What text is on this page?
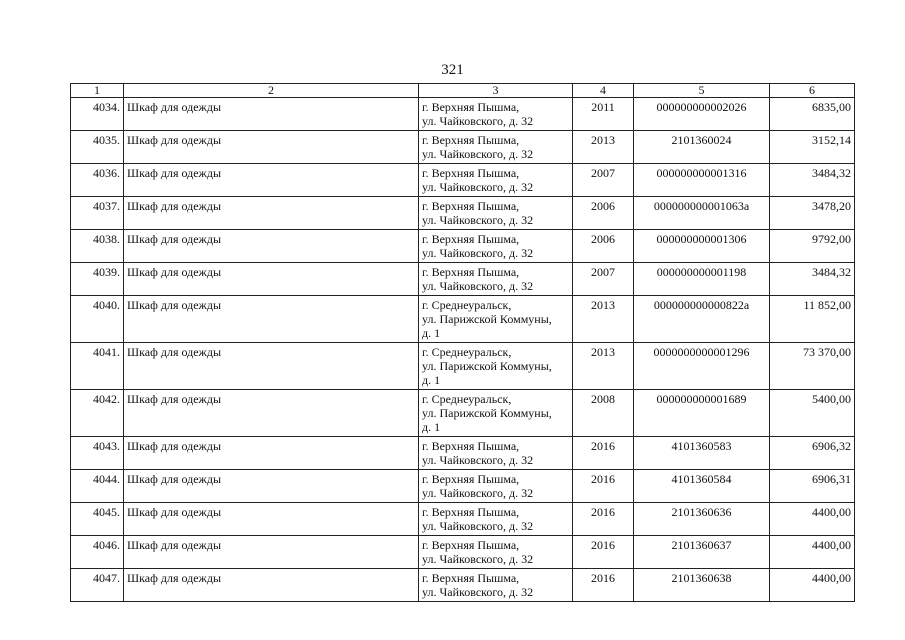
321
1	2	3	4	5	6
4034.	Шкаф для одежды	г. Верхняя Пышма,
ул. Чайковского, д. 32	2011	000000000002026	6835,00
4035.	Шкаф для одежды	г. Верхняя Пышма,
ул. Чайковского, д. 32	2013	2101360024	3152,14
4036.	Шкаф для одежды	г. Верхняя Пышма,
ул. Чайковского, д. 32	2007	000000000001316	3484,32
4037.	Шкаф для одежды	г. Верхняя Пышма,
ул. Чайковского, д. 32	2006	000000000001063а	3478,20
4038.	Шкаф для одежды	г. Верхняя Пышма,
ул. Чайковского, д. 32	2006	000000000001306	9792,00
4039.	Шкаф для одежды	г. Верхняя Пышма,
ул. Чайковского, д. 32	2007	000000000001198	3484,32
4040.	Шкаф для одежды	г. Среднеуральск,
ул. Парижской Коммуны,
д. 1	2013	000000000000822а	11 852,00
4041.	Шкаф для одежды	г. Среднеуральск,
ул. Парижской Коммуны,
д. 1	2013	0000000000001296	73 370,00
4042.	Шкаф для одежды	г. Среднеуральск,
ул. Парижской Коммуны,
д. 1	2008	000000000001689	5400,00
4043.	Шкаф для одежды	г. Верхняя Пышма,
ул. Чайковского, д. 32	2016	4101360583	6906,32
4044.	Шкаф для одежды	г. Верхняя Пышма,
ул. Чайковского, д. 32	2016	4101360584	6906,31
4045.	Шкаф для одежды	г. Верхняя Пышма,
ул. Чайковского, д. 32	2016	2101360636	4400,00
4046.	Шкаф для одежды	г. Верхняя Пышма,
ул. Чайковского, д. 32	2016	2101360637	4400,00
4047.	Шкаф для одежды	г. Верхняя Пышма,
ул. Чайковского, д. 32	2016	2101360638	4400,00
